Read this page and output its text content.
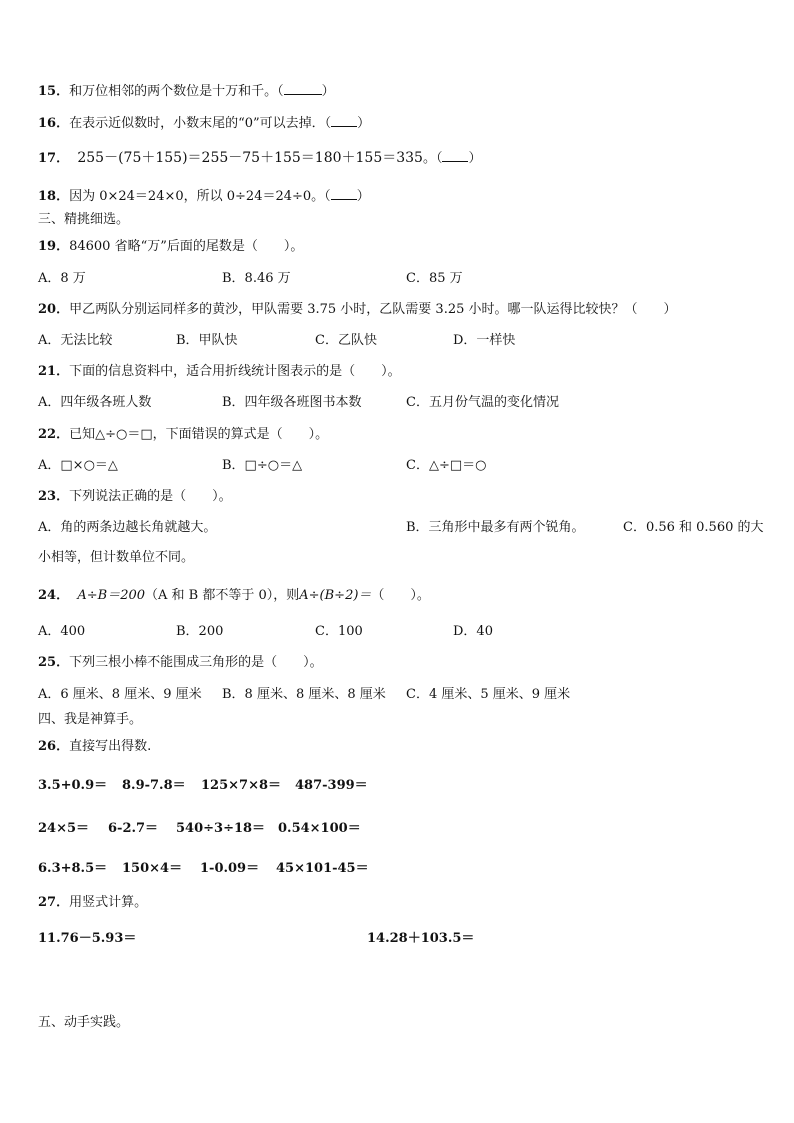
15．和万位相邻的两个数位是十万和千。（	）
16．在表示近似数时，小数末尾的“0”可以去掉．（ ）
17． 255－(75＋155)＝255－75＋155＝180＋155＝335。（ ）
18．因为 0×24＝24×0，所以 0÷24＝24÷0。（ ）
三、精挑细选。
19．84600 省略“万”后面的尾数是（　　）。
A．8 万	B．8.46 万	C．85 万
20．甲乙两队分别运同样多的黄沙，甲队需要 3.75 小时，乙队需要 3.25 小时。哪一队运得比较快？（　　）
A．无法比较	B．甲队快	C．乙队快	D．一样快
21．下面的信息资料中，适合用折线统计图表示的是（　　）。
A．四年级各班人数	B．四年级各班图书本数	C．五月份气温的变化情况
22．已知△÷○＝□，下面错误的算式是（　　）。
A．□×○＝△	B．□÷○＝△	C．△÷□＝○
23．下列说法正确的是（　　）。
A．角的两条边越长角就越大。	B．三角形中最多有两个锐角。	C．0.56 和 0.560 的大
小相等，但计数单位不同。
24． A÷B＝200（A 和 B 都不等于 0），则A÷(B÷2)＝（　　）。
A．400	B．200	C．100	D．40
25．下列三根小棒不能围成三角形的是（　　）。
A．6 厘米、8 厘米、9 厘米 B．8 厘米、8 厘米、8 厘米 C．4 厘米、5 厘米、9 厘米
四、我是神算手。
26．直接写出得数.
3.5+0.9＝ 8.9-7.8＝ 125×7×8＝ 487-399＝
24×5＝ 6-2.7＝ 540÷3÷18＝ 0.54×100＝
6.3+8.5＝ 150×4＝ 1-0.09＝ 45×101-45＝
27．用竖式计算。
11.76－5.93＝	14.28＋103.5＝
五、动手实践。
